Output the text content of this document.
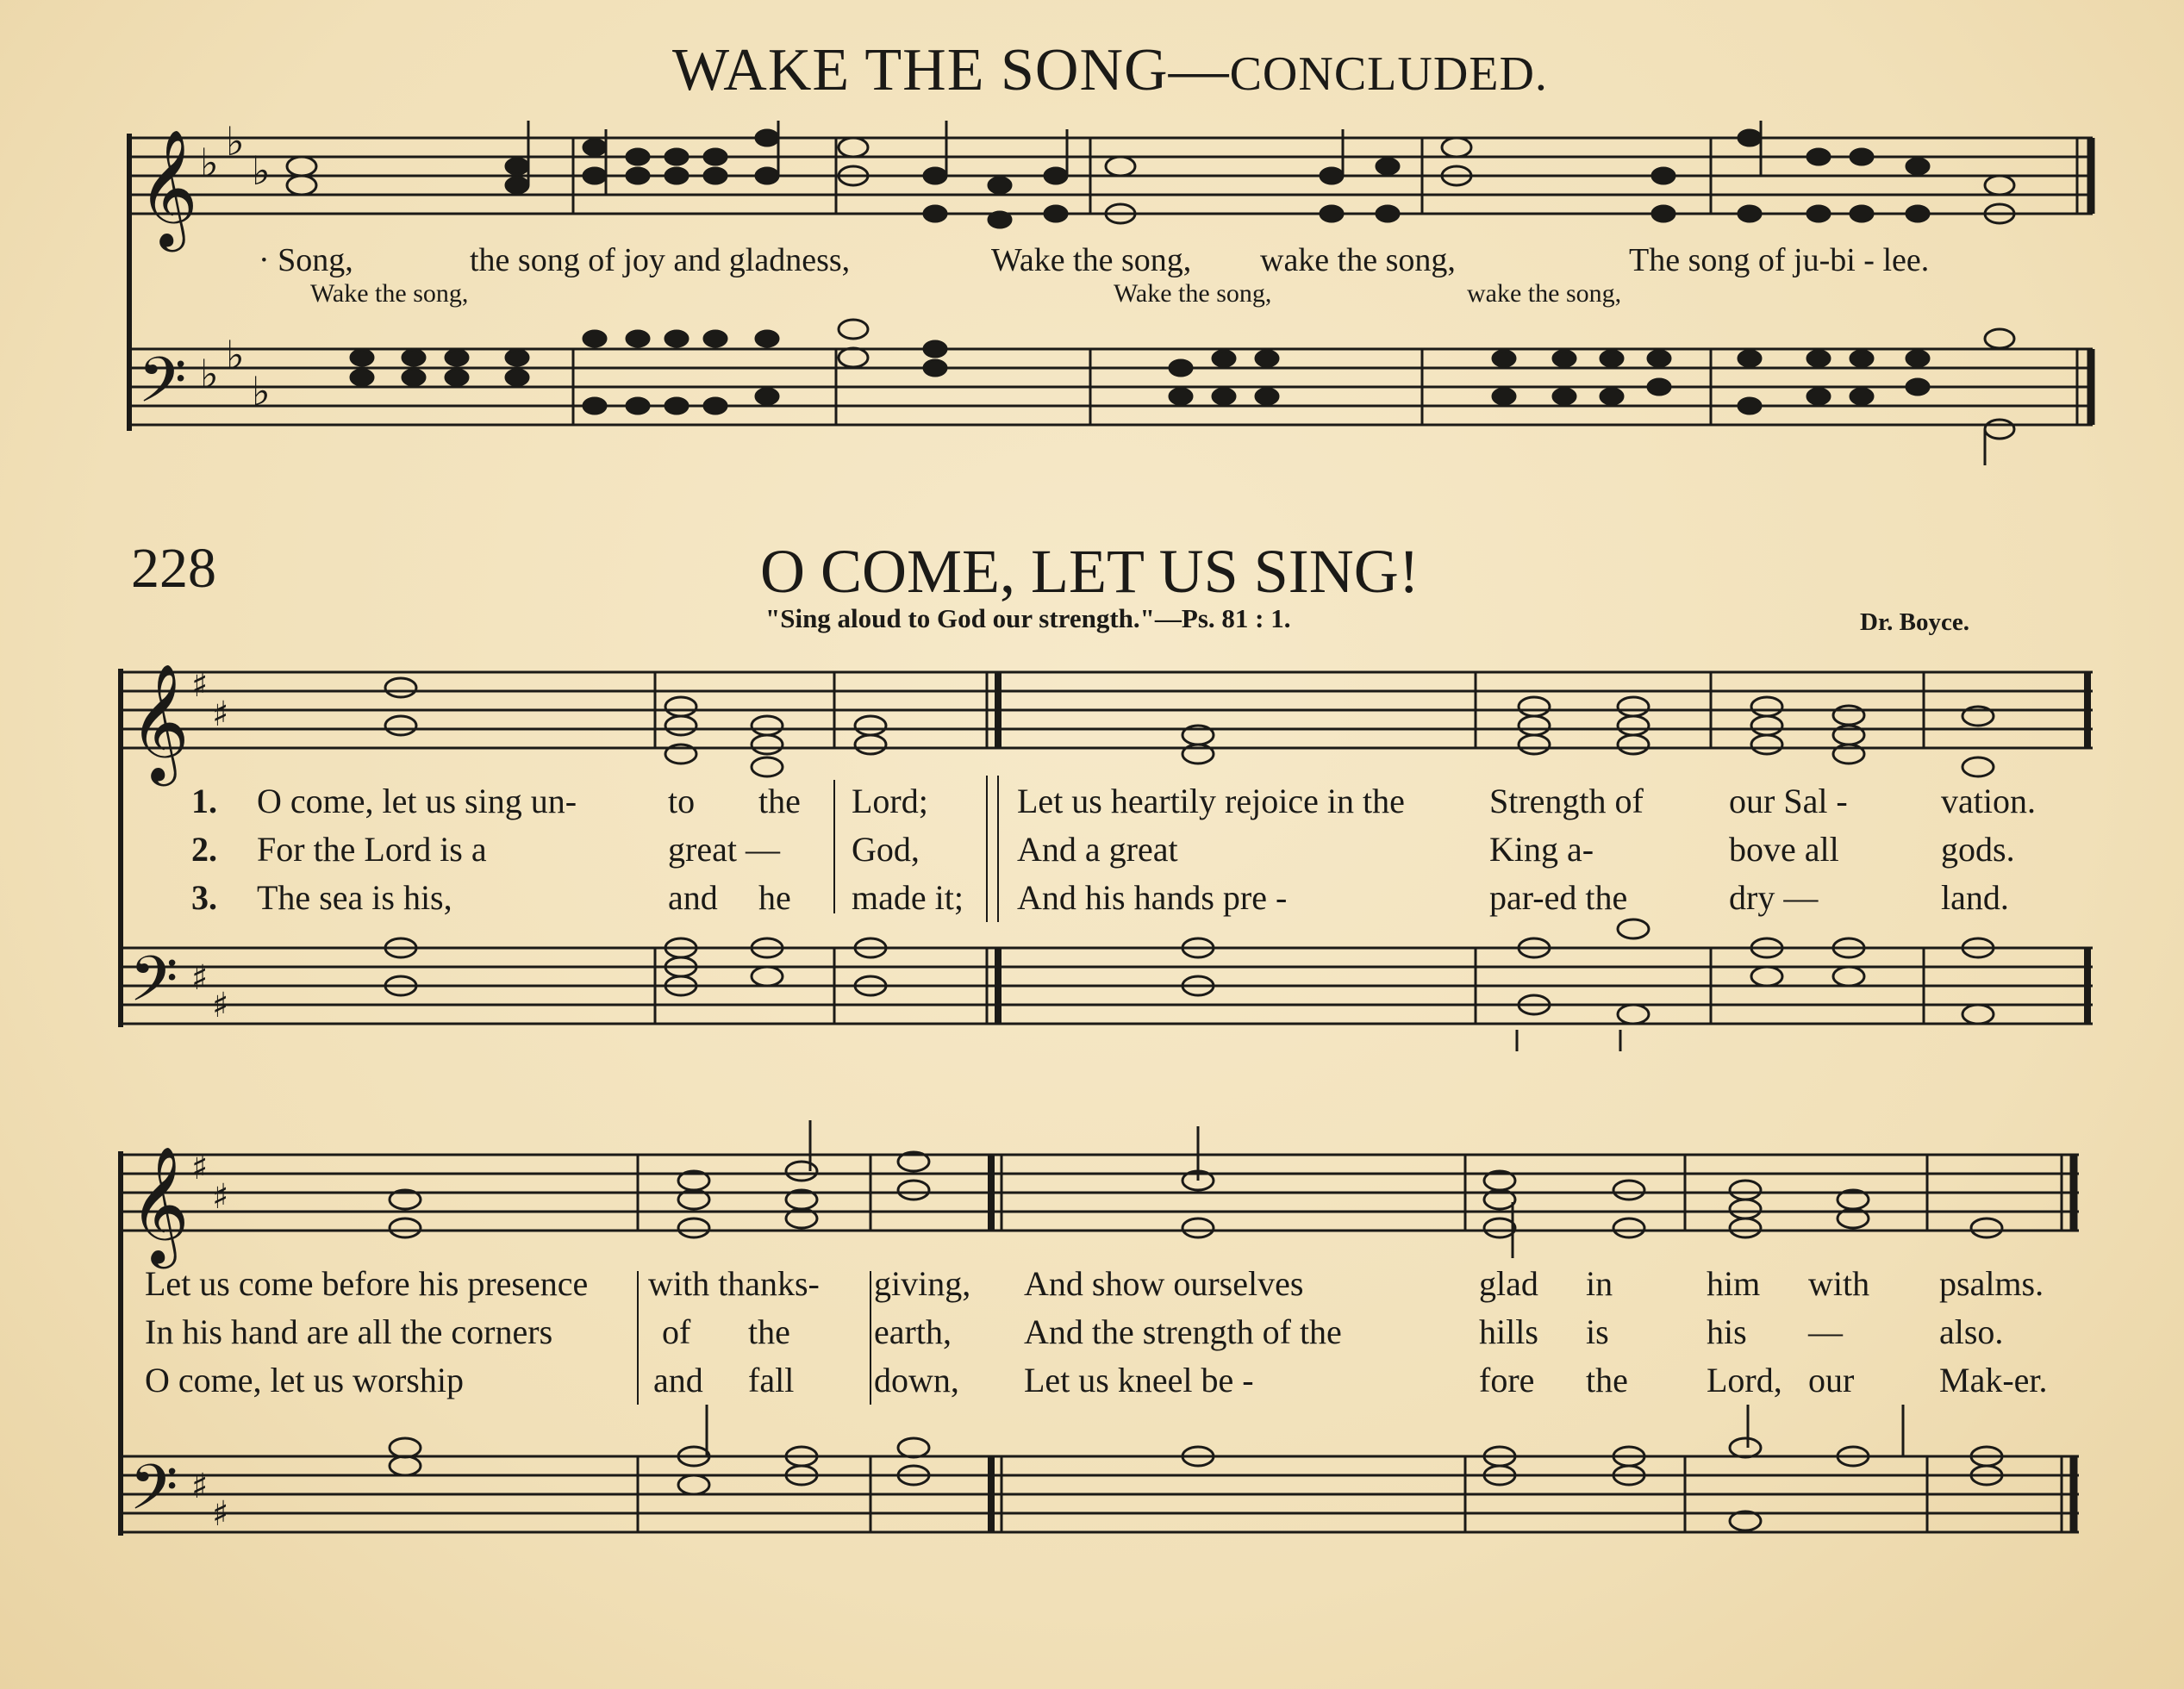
WAKE THE SONG—CONCLUDED.
228	O COME, LET US SING!
"Sing aloud to God our strength."—Ps. 81 : 1.	Dr. Boyce.
𝄞
𝄢
♭ ♭
♭
♭ ♭
♭
𝄞
𝄢
♯
♯
♯
♯
𝄞
𝄢
♯
♯
♯
♯
· Song,	the song of joy and gladness,	Wake the song, wake the song,	The song of ju-bi - lee.
Wake the song,	Wake the song,	wake the song,
1.
2.
3.
O come, let us sing un-
For the Lord is a
The sea is his,
to
great —
and
the
he
Lord;
God,
made it;
Let us heartily rejoice in the
And a great
And his hands pre -
Strength of
King a-
par-ed the
our Sal -
bove all
dry —
vation.
gods.
land.
Let us come before his presence
In his hand are all the corners
O come, let us worship
with thanks-
of
and
the
fall
giving,
earth,
down,
And show ourselves
And the strength of the
Let us kneel be -
glad
hills
fore
in
is
the
him
his
Lord,
with
—
our
psalms.
also.
Mak-er.
